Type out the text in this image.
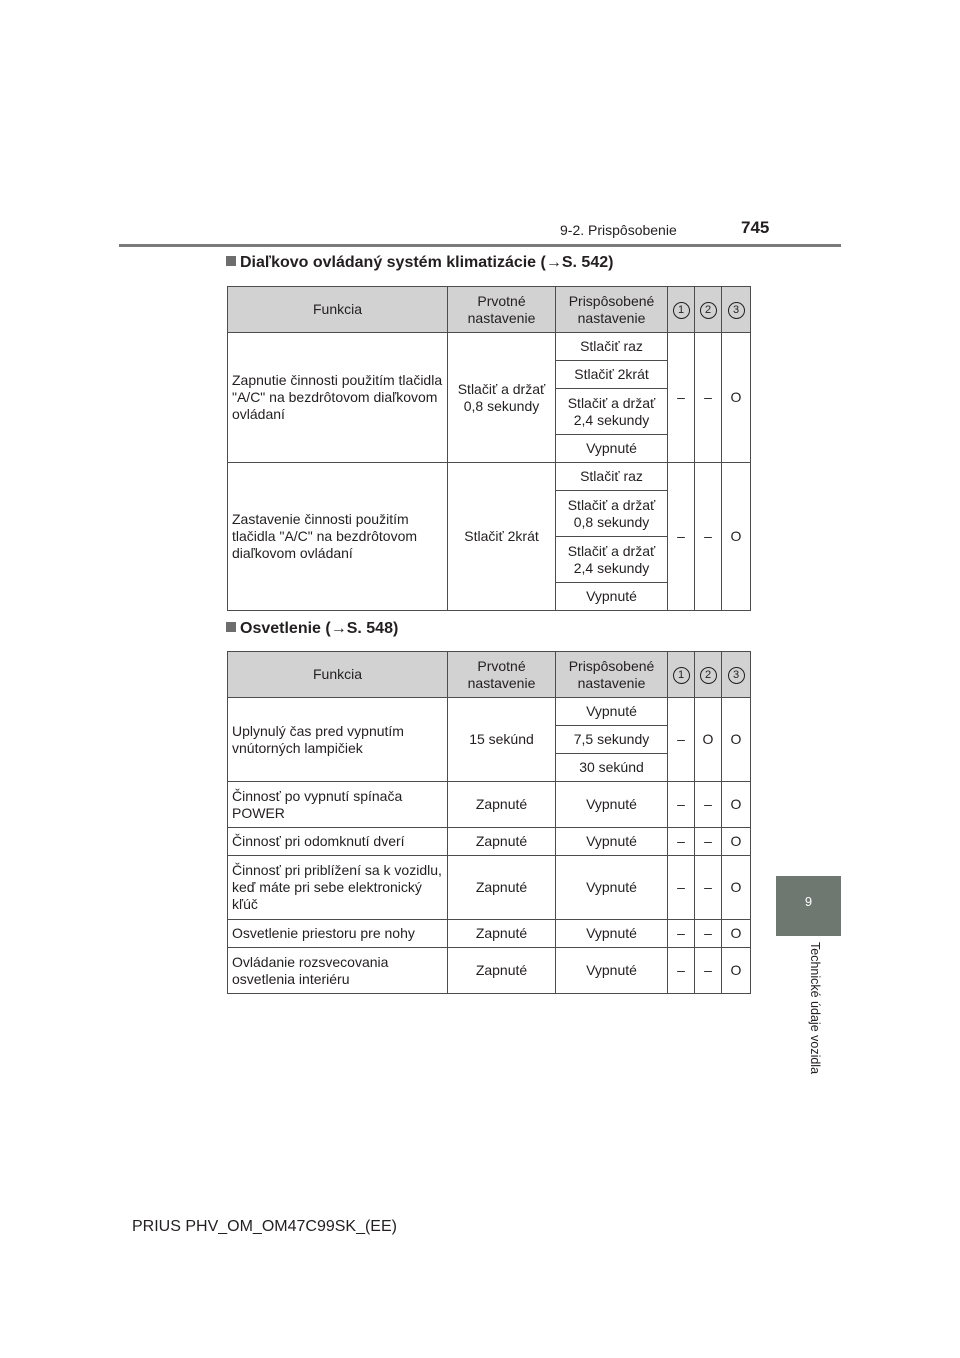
9-2. Prispôsobenie	745
9
Technické údaje vozidla
Diaľkovo ovládaný systém klimatizácie (→S. 542)
Funkcia	Prvotné nastavenie	Prispôsobené nastavenie	1	2	3
Zapnutie činnosti použitím tlačidla "A/C" na bezdrôtovom diaľkovom ovládaní	Stlačiť a držať 0,8 sekundy	Stlačiť raz	–	–	O
		Stlačiť 2krát			
		Stlačiť a držať 2,4 sekundy			
		Vypnuté			
Zastavenie činnosti použitím tlačidla "A/C" na bezdrôtovom diaľkovom ovládaní	Stlačiť 2krát	Stlačiť raz	–	–	O
		Stlačiť a držať 0,8 sekundy			
		Stlačiť a držať 2,4 sekundy			
		Vypnuté			
Osvetlenie (→S. 548)
Funkcia	Prvotné nastavenie	Prispôsobené nastavenie	1	2	3
Uplynulý čas pred vypnutím vnútorných lampičiek	15 sekúnd	Vypnuté	–	O	O
		7,5 sekundy			
		30 sekúnd			
Činnosť po vypnutí spínača POWER	Zapnuté	Vypnuté	–	–	O
Činnosť pri odomknutí dverí	Zapnuté	Vypnuté	–	–	O
Činnosť pri priblížení sa k vozidlu, keď máte pri sebe elektronický kľúč	Zapnuté	Vypnuté	–	–	O
Osvetlenie priestoru pre nohy	Zapnuté	Vypnuté	–	–	O
Ovládanie rozsvecovania osvetlenia interiéru	Zapnuté	Vypnuté	–	–	O
PRIUS PHV_OM_OM47C99SK_(EE)
